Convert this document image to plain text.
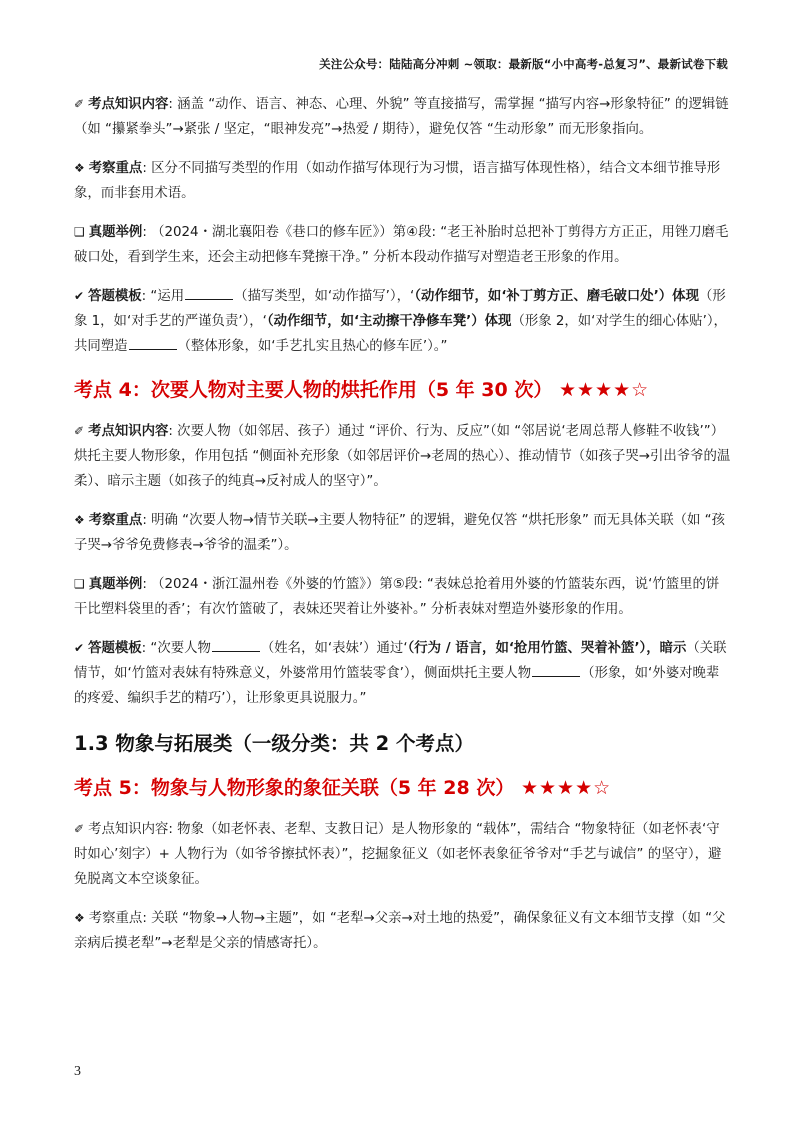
关注公众号：陆陆高分冲刺 ~领取：最新版“小中高考-总复习”、最新试卷下载

✐ 考点知识内容: 涵盖 “动作、语言、神态、心理、外貌” 等直接描写，需掌握 “描写内容→形象特征” 的逻辑链（如 “攥紧拳头”→紧张 / 坚定，“眼神发亮”→热爱 / 期待），避免仅答 “生动形象” 而无形象指向。

❖ 考察重点: 区分不同描写类型的作用（如动作描写体现行为习惯，语言描写体现性格），结合文本细节推导形象，而非套用术语。

❑ 真题举例: （2024・湖北襄阳卷《巷口的修车匠》）第④段: “老王补胎时总把补丁剪得方方正正，用锉刀磨毛破口处，看到学生来，还会主动把修车凳擦干净。” 分析本段动作描写对塑造老王形象的作用。

✔ 答题模板: “运用	（描写类型，如‘动作描写’），‘（动作细节，如‘补丁剪方正、磨毛破口处’）体现（形象 1，如‘对手艺的严谨负责’），‘（动作细节，如‘主动擦干净修车凳’）体现（形象 2，如‘对学生的细心体贴’），共同塑造	（整体形象，如‘手艺扎实且热心的修车匠’）。”

考点 4：次要人物对主要人物的烘托作用（5 年 30 次） ★★★★☆

✐ 考点知识内容: 次要人物（如邻居、孩子）通过 “评价、行为、反应”（如 “邻居说‘老周总帮人修鞋不收钱’”）烘托主要人物形象，作用包括 “侧面补充形象（如邻居评价→老周的热心）、推动情节（如孩子哭→引出爷爷的温柔）、暗示主题（如孩子的纯真→反衬成人的坚守）”。

❖ 考察重点: 明确 “次要人物→情节关联→主要人物特征” 的逻辑，避免仅答 “烘托形象” 而无具体关联（如 “孩子哭→爷爷免费修表→爷爷的温柔”）。

❑ 真题举例: （2024・浙江温州卷《外婆的竹篮》）第⑤段: “表妹总抢着用外婆的竹篮装东西，说‘竹篮里的饼干比塑料袋里的香’；有次竹篮破了，表妹还哭着让外婆补。” 分析表妹对塑造外婆形象的作用。

✔ 答题模板: “次要人物	（姓名，如‘表妹’）通过‘（行为 / 语言，如‘抢用竹篮、哭着补篮’），暗示（关联情节，如‘竹篮对表妹有特殊意义，外婆常用竹篮装零食’），侧面烘托主要人物	（形象，如‘外婆对晚辈的疼爱、编织手艺的精巧’），让形象更具说服力。”

1.3 物象与拓展类（一级分类：共 2 个考点）
考点 5：物象与人物形象的象征关联（5 年 28 次） ★★★★☆

✐ 考点知识内容: 物象（如老怀表、老犁、支教日记）是人物形象的 “载体”，需结合 “物象特征（如老怀表‘守时如心’刻字）+ 人物行为（如爷爷擦拭怀表）”，挖掘象征义（如老怀表象征爷爷对“手艺与诚信” 的坚守），避免脱离文本空谈象征。

❖ 考察重点: 关联 “物象→人物→主题”，如 “老犁→父亲→对土地的热爱”，确保象征义有文本细节支撑（如 “父亲病后摸老犁”→老犁是父亲的情感寄托）。

3
